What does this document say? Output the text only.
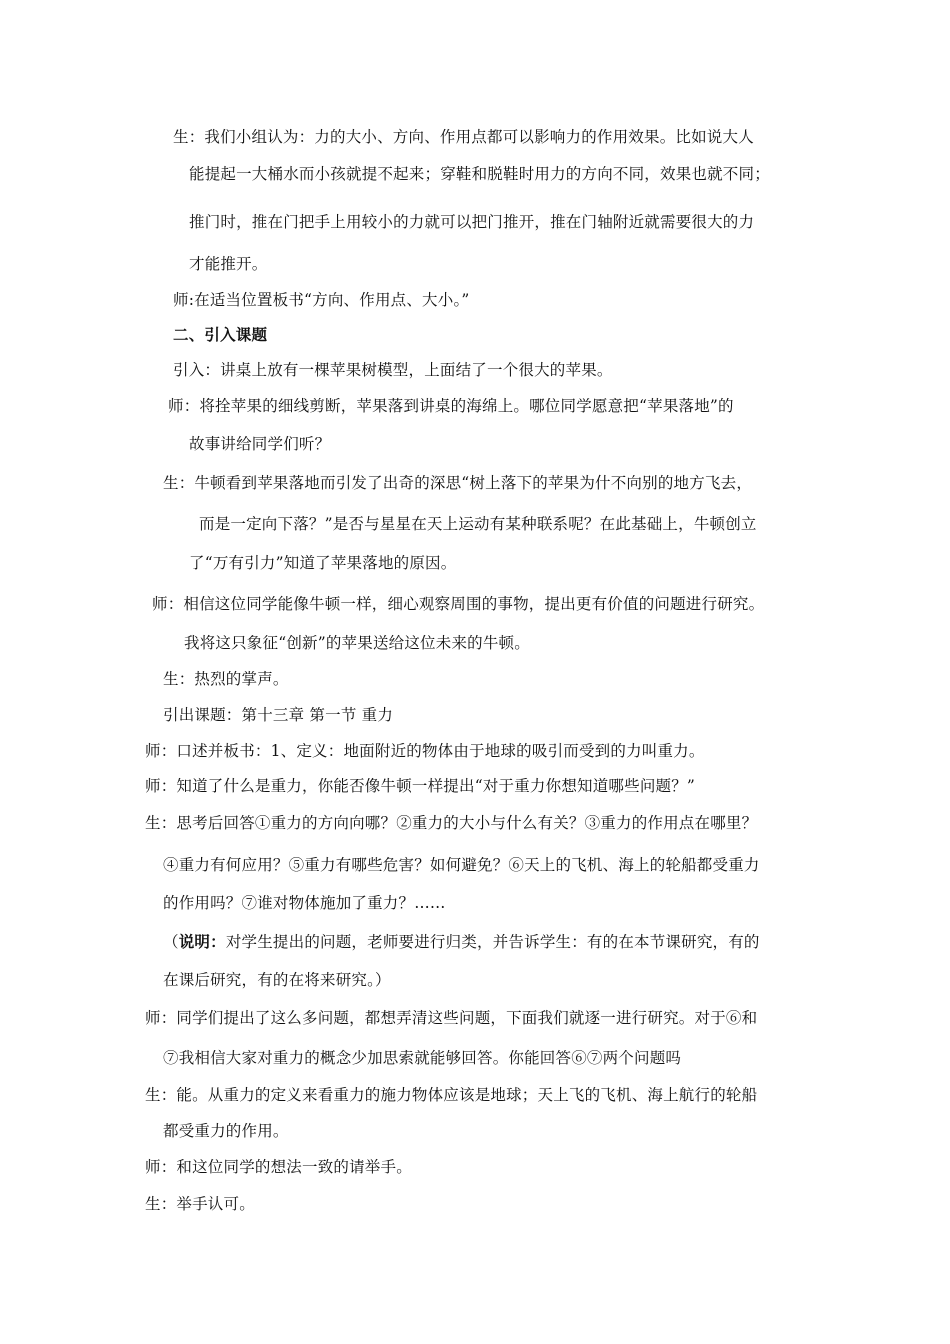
生：我们小组认为：力的大小、方向、作用点都可以影响力的作用效果。比如说大人
能提起一大桶水而小孩就提不起来；穿鞋和脱鞋时用力的方向不同，效果也就不同；
推门时，推在门把手上用较小的力就可以把门推开，推在门轴附近就需要很大的力
才能推开。
师:在适当位置板书“方向、作用点、大小。”
二、引入课题
引入：讲桌上放有一棵苹果树模型，上面结了一个很大的苹果。
师：将拴苹果的细线剪断，苹果落到讲桌的海绵上。哪位同学愿意把“苹果落地”的
故事讲给同学们听？
生：牛顿看到苹果落地而引发了出奇的深思“树上落下的苹果为什不向别的地方飞去，
而是一定向下落？”是否与星星在天上运动有某种联系呢？在此基础上，牛顿创立
了“万有引力”知道了苹果落地的原因。
师：相信这位同学能像牛顿一样，细心观察周围的事物，提出更有价值的问题进行研究。
我将这只象征“创新”的苹果送给这位未来的牛顿。
生：热烈的掌声。
引出课题：第十三章 第一节 重力
师：口述并板书：1、定义：地面附近的物体由于地球的吸引而受到的力叫重力。
师：知道了什么是重力，你能否像牛顿一样提出“对于重力你想知道哪些问题？”
生：思考后回答①重力的方向向哪？②重力的大小与什么有关？③重力的作用点在哪里？
④重力有何应用？⑤重力有哪些危害？如何避免？⑥天上的飞机、海上的轮船都受重力
的作用吗？⑦谁对物体施加了重力？……
（说明：对学生提出的问题，老师要进行归类，并告诉学生：有的在本节课研究，有的
在课后研究，有的在将来研究。）
师：同学们提出了这么多问题，都想弄清这些问题，下面我们就逐一进行研究。对于⑥和
⑦我相信大家对重力的概念少加思索就能够回答。你能回答⑥⑦两个问题吗
生：能。从重力的定义来看重力的施力物体应该是地球；天上飞的飞机、海上航行的轮船
都受重力的作用。
师：和这位同学的想法一致的请举手。
生：举手认可。
